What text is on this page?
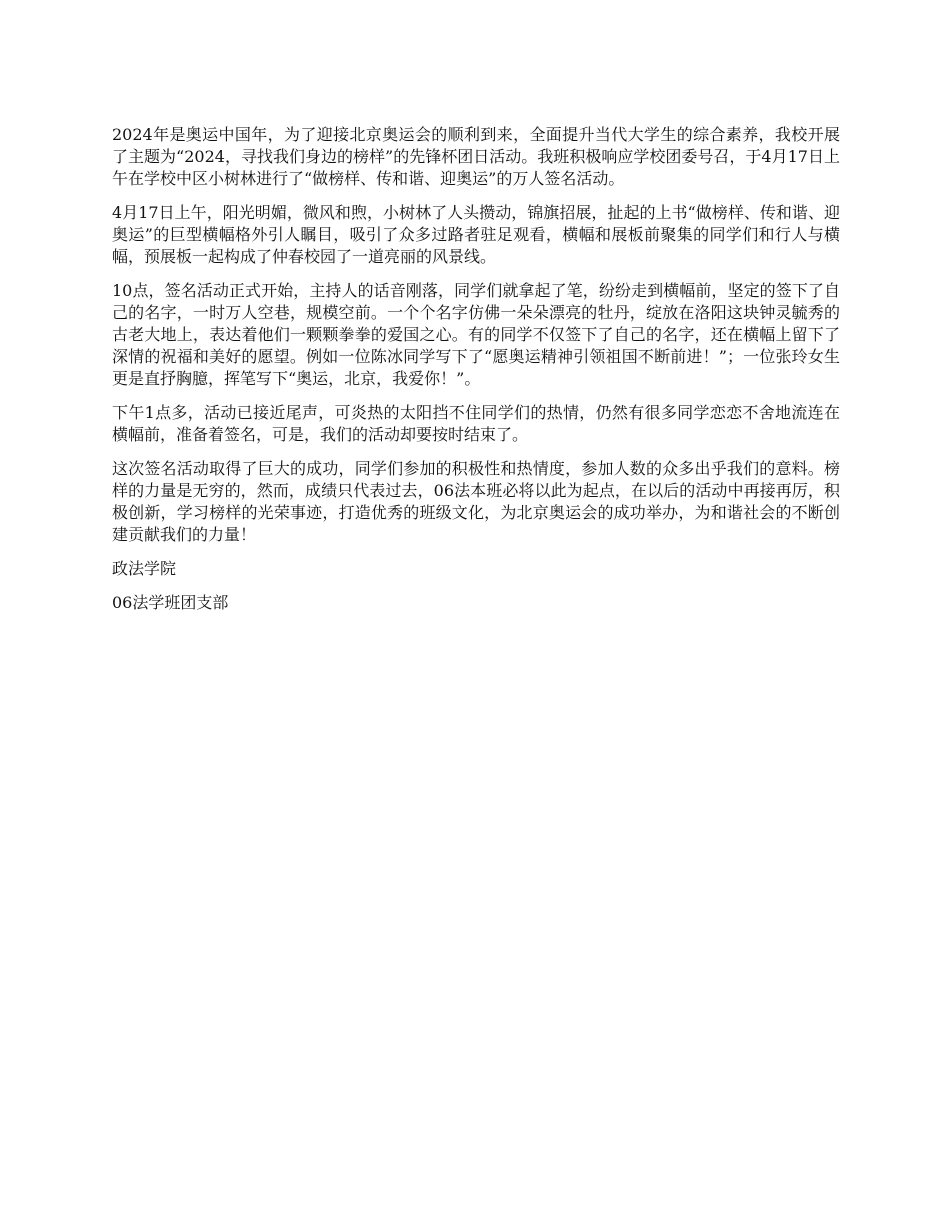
2024年是奥运中国年，为了迎接北京奥运会的顺利到来，全面提升当代大学生的综合素养，我校开展了主题为“2024，寻找我们身边的榜样”的先锋杯团日活动。我班积极响应学校团委号召，于4月17日上午在学校中区小树林进行了“做榜样、传和谐、迎奥运”的万人签名活动。

4月17日上午，阳光明媚，微风和煦，小树林了人头攒动，锦旗招展，扯起的上书“做榜样、传和谐、迎奥运”的巨型横幅格外引人瞩目，吸引了众多过路者驻足观看，横幅和展板前聚集的同学们和行人与横幅，预展板一起构成了仲春校园了一道亮丽的风景线。

10点，签名活动正式开始，主持人的话音刚落，同学们就拿起了笔，纷纷走到横幅前，坚定的签下了自己的名字，一时万人空巷，规模空前。一个个名字仿佛一朵朵漂亮的牡丹，绽放在洛阳这块钟灵毓秀的古老大地上，表达着他们一颗颗拳拳的爱国之心。有的同学不仅签下了自己的名字，还在横幅上留下了深情的祝福和美好的愿望。例如一位陈冰同学写下了“愿奥运精神引领祖国不断前进！”；一位张玲女生更是直抒胸臆，挥笔写下“奥运，北京，我爱你！”。

下午1点多，活动已接近尾声，可炎热的太阳挡不住同学们的热情，仍然有很多同学恋恋不舍地流连在横幅前，准备着签名，可是，我们的活动却要按时结束了。

这次签名活动取得了巨大的成功，同学们参加的积极性和热情度，参加人数的众多出乎我们的意料。榜样的力量是无穷的，然而，成绩只代表过去，06法本班必将以此为起点，在以后的活动中再接再厉，积极创新，学习榜样的光荣事迹，打造优秀的班级文化，为北京奥运会的成功举办，为和谐社会的不断创建贡献我们的力量！

政法学院

06法学班团支部
